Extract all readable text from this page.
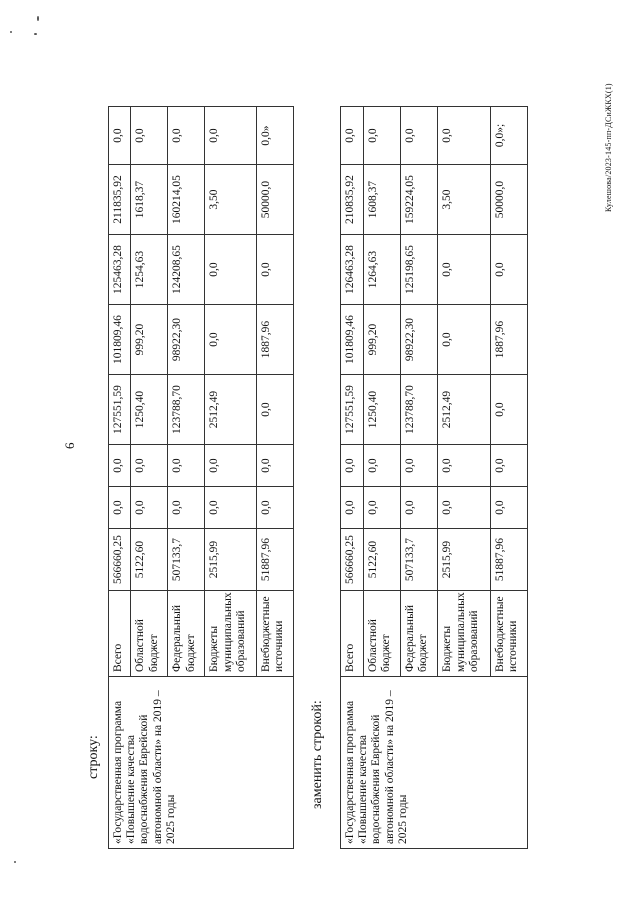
6
строку:	заменить строкой:
Кулешова/2023-145-пп-ДСиЖКХ(1)
«Государственная программа «Повышение качества водоснабжения Еврейской автономной области» на 2019 – 2025 годы	Всего	566660,25	0,0	0,0	127551,59	101809,46	125463,28	211835,92	0,0
	Областной бюджет	5122,60	0,0	0,0	1250,40	999,20	1254,63	1618,37	0,0
	Федеральный бюджет	507133,7	0,0	0,0	123788,70	98922,30	124208,65	160214,05	0,0
	Бюджеты муниципальных образований	2515,99	0,0	0,0	2512,49	0,0	0,0	3,50	0,0
	Внебюджетные источники	51887,96	0,0	0,0	0,0	1887,96	0,0	50000,0	0,0»
«Государственная программа «Повышение качества водоснабжения Еврейской автономной области» на 2019 – 2025 годы	Всего	566660,25	0,0	0,0	127551,59	101809,46	126463,28	210835,92	0,0
	Областной бюджет	5122,60	0,0	0,0	1250,40	999,20	1264,63	1608,37	0,0
	Федеральный бюджет	507133,7	0,0	0,0	123788,70	98922,30	125198,65	159224,05	0,0
	Бюджеты муниципальных образований	2515,99	0,0	0,0	2512,49	0,0	0,0	3,50	0,0
	Внебюджетные источники	51887,96	0,0	0,0	0,0	1887,96	0,0	50000,0	0,0»;
